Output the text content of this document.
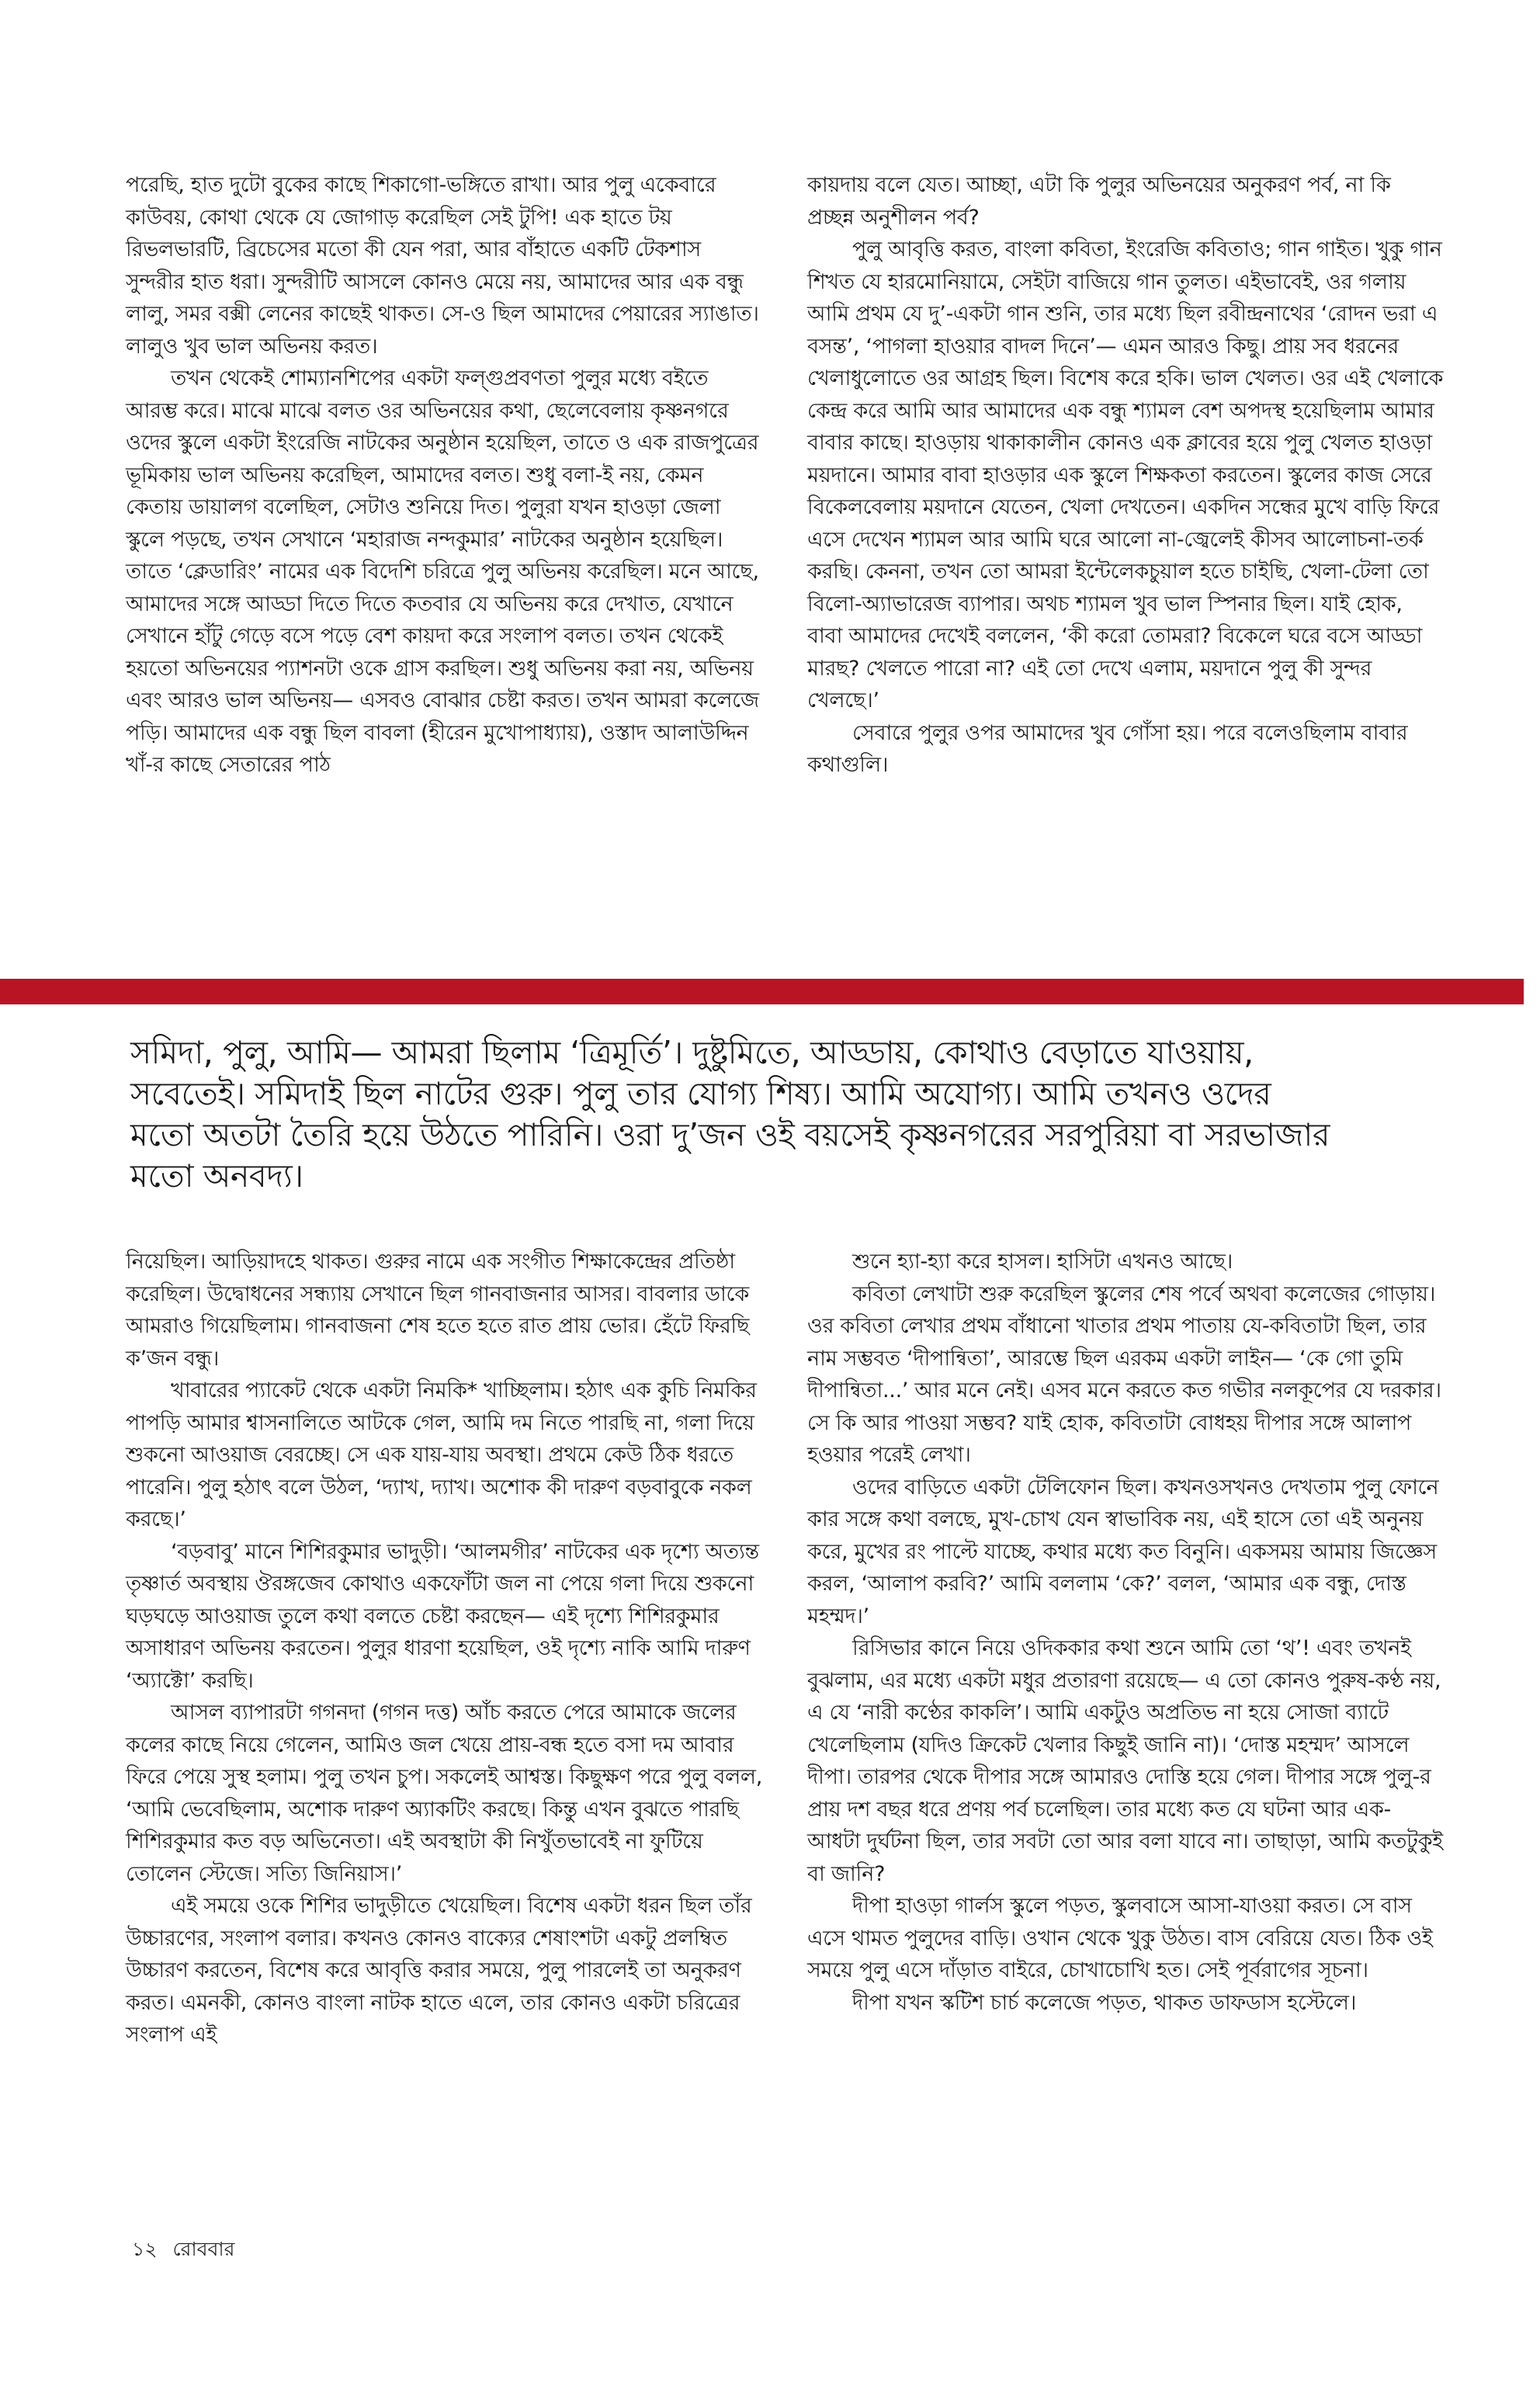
পরেছি, হাত দুটো বুকের কাছে শিকাগো-ভঙ্গিতে রাখা। আর পুলু একেবারে কাউবয়, কোথা থেকে যে জোগাড় করেছিল সেই টুপি! এক হাতে টয় রিভলভারটি, ব্রিচেসের মতো কী যেন পরা, আর বাঁহাতে একটি টেকশাস সুন্দরীর হাত ধরা। সুন্দরীটি আসলে কোনও মেয়ে নয়, আমাদের আর এক বন্ধু লালু, সমর বক্সী লেনের কাছেই থাকত। সে-ও ছিল আমাদের পেয়ারের স্যাঙাত। লালুও খুব ভাল অভিনয় করত।

তখন থেকেই শোম্যানশিপের একটা ফল্গুপ্রবণতা পুলুর মধ্যে বইতে আরম্ভ করে। মাঝে মাঝে বলত ওর অভিনয়ের কথা, ছেলেবেলায় কৃষ্ণনগরে ওদের স্কুলে একটা ইংরেজি নাটকের অনুষ্ঠান হয়েছিল, তাতে ও এক রাজপুত্রের ভূমিকায় ভাল অভিনয় করেছিল, আমাদের বলত। শুধু বলা-ই নয়, কেমন কেতায় ডায়ালগ বলেছিল, সেটাও শুনিয়ে দিত। পুলুরা যখন হাওড়া জেলা স্কুলে পড়ছে, তখন সেখানে ‘মহারাজ নন্দকুমার’ নাটকের অনুষ্ঠান হয়েছিল। তাতে ‘ক্লেডারিং’ নামের এক বিদেশি চরিত্রে পুলু অভিনয় করেছিল। মনে আছে, আমাদের সঙ্গে আড্ডা দিতে দিতে কতবার যে অভিনয় করে দেখাত, যেখানে সেখানে হাঁটু গেড়ে বসে পড়ে বেশ কায়দা করে সংলাপ বলত। তখন থেকেই হয়তো অভিনয়ের প্যাশনটা ওকে গ্রাস করছিল। শুধু অভিনয় করা নয়, অভিনয় এবং আরও ভাল অভিনয়— এসবও বোঝার চেষ্টা করত। তখন আমরা কলেজে পড়ি। আমাদের এক বন্ধু ছিল বাবলা (হীরেন মুখোপাধ্যায়), ওস্তাদ আলাউদ্দিন খাঁ-র কাছে সেতারের পাঠ

কায়দায় বলে যেত। আচ্ছা, এটা কি পুলুর অভিনয়ের অনুকরণ পর্ব, না কি প্রচ্ছন্ন অনুশীলন পর্ব?

পুলু আবৃত্তি করত, বাংলা কবিতা, ইংরেজি কবিতাও; গান গাইত। খুকু গান শিখত যে হারমোনিয়ামে, সেইটা বাজিয়ে গান তুলত। এইভাবেই, ওর গলায় আমি প্রথম যে দু’-একটা গান শুনি, তার মধ্যে ছিল রবীন্দ্রনাথের ‘রোদন ভরা এ বসন্ত’, ‘পাগলা হাওয়ার বাদল দিনে’— এমন আরও কিছু। প্রায় সব ধরনের খেলাধুলোতে ওর আগ্রহ ছিল। বিশেষ করে হকি। ভাল খেলত। ওর এই খেলাকে কেন্দ্র করে আমি আর আমাদের এক বন্ধু শ্যামল বেশ অপদস্থ হয়েছিলাম আমার বাবার কাছে। হাওড়ায় থাকাকালীন কোনও এক ক্লাবের হয়ে পুলু খেলত হাওড়া ময়দানে। আমার বাবা হাওড়ার এক স্কুলে শিক্ষকতা করতেন। স্কুলের কাজ সেরে বিকেলবেলায় ময়দানে যেতেন, খেলা দেখতেন। একদিন সন্ধের মুখে বাড়ি ফিরে এসে দেখেন শ্যামল আর আমি ঘরে আলো না-জ্বেলেই কীসব আলোচনা-তর্ক করছি। কেননা, তখন তো আমরা ইন্টেলেকচুয়াল হতে চাইছি, খেলা-টেলা তো বিলো-অ্যাভারেজ ব্যাপার। অথচ শ্যামল খুব ভাল স্পিনার ছিল। যাই হোক, বাবা আমাদের দেখেই বললেন, ‘কী করো তোমরা? বিকেলে ঘরে বসে আড্ডা মারছ? খেলতে পারো না? এই তো দেখে এলাম, ময়দানে পুলু কী সুন্দর খেলছে।’

সেবারে পুলুর ওপর আমাদের খুব গোঁসা হয়। পরে বলেওছিলাম বাবার কথাগুলি।

সমিদা, পুলু, আমি— আমরা ছিলাম ‘ত্রিমূর্তি’। দুষ্টুমিতে, আড্ডায়, কোথাও বেড়াতে যাওয়ায়, সবেতেই। সমিদাই ছিল নাটের গুরু। পুলু তার যোগ্য শিষ্য। আমি অযোগ্য। আমি তখনও ওদের মতো অতটা তৈরি হয়ে উঠতে পারিনি। ওরা দু’জন ওই বয়সেই কৃষ্ণনগরের সরপুরিয়া বা সরভাজার মতো অনবদ্য।

নিয়েছিল। আড়িয়াদহে থাকত। গুরুর নামে এক সংগীত শিক্ষাকেন্দ্রের প্রতিষ্ঠা করেছিল। উদ্বোধনের সন্ধ্যায় সেখানে ছিল গানবাজনার আসর। বাবলার ডাকে আমরাও গিয়েছিলাম। গানবাজনা শেষ হতে হতে রাত প্রায় ভোর। হেঁটে ফিরছি ক’জন বন্ধু।

খাবারের প্যাকেট থেকে একটা নিমকি* খাচ্ছিলাম। হঠাৎ এক কুচি নিমকির পাপড়ি আমার শ্বাসনালিতে আটকে গেল, আমি দম নিতে পারছি না, গলা দিয়ে শুকনো আওয়াজ বেরচ্ছে। সে এক যায়-যায় অবস্থা। প্রথমে কেউ ঠিক ধরতে পারেনি। পুলু হঠাৎ বলে উঠল, ‘দ্যাখ, দ্যাখ। অশোক কী দারুণ বড়বাবুকে নকল করছে।’

‘বড়বাবু’ মানে শিশিরকুমার ভাদুড়ী। ‘আলমগীর’ নাটকের এক দৃশ্যে অত্যন্ত তৃষ্ণার্ত অবস্থায় ঔরঙ্গজেব কোথাও একফোঁটা জল না পেয়ে গলা দিয়ে শুকনো ঘড়ঘড়ে আওয়াজ তুলে কথা বলতে চেষ্টা করছেন— এই দৃশ্যে শিশিরকুমার অসাধারণ অভিনয় করতেন। পুলুর ধারণা হয়েছিল, ওই দৃশ্যে নাকি আমি দারুণ ‘অ্যাক্টো’ করছি।

আসল ব্যাপারটা গগনদা (গগন দত্ত) আঁচ করতে পেরে আমাকে জলের কলের কাছে নিয়ে গেলেন, আমিও জল খেয়ে প্রায়-বন্ধ হতে বসা দম আবার ফিরে পেয়ে সুস্থ হলাম। পুলু তখন চুপ। সকলেই আশ্বস্ত। কিছুক্ষণ পরে পুলু বলল, ‘আমি ভেবেছিলাম, অশোক দারুণ অ্যাকটিং করছে। কিন্তু এখন বুঝতে পারছি শিশিরকুমার কত বড় অভিনেতা। এই অবস্থাটা কী নিখুঁতভাবেই না ফুটিয়ে তোলেন স্টেজে। সত্যি জিনিয়াস।’

এই সময়ে ওকে শিশির ভাদুড়ীতে খেয়েছিল। বিশেষ একটা ধরন ছিল তাঁর উচ্চারণের, সংলাপ বলার। কখনও কোনও বাক্যের শেষাংশটা একটু প্রলম্বিত উচ্চারণ করতেন, বিশেষ করে আবৃত্তি করার সময়ে, পুলু পারলেই তা অনুকরণ করত। এমনকী, কোনও বাংলা নাটক হাতে এলে, তার কোনও একটা চরিত্রের সংলাপ এই

শুনে হ্যা-হ্যা করে হাসল। হাসিটা এখনও আছে।

কবিতা লেখাটা শুরু করেছিল স্কুলের শেষ পর্বে অথবা কলেজের গোড়ায়। ওর কবিতা লেখার প্রথম বাঁধানো খাতার প্রথম পাতায় যে-কবিতাটা ছিল, তার নাম সম্ভবত ‘দীপান্বিতা’, আরম্ভে ছিল এরকম একটা লাইন— ‘কে গো তুমি দীপান্বিতা...’ আর মনে নেই। এসব মনে করতে কত গভীর নলকূপের যে দরকার। সে কি আর পাওয়া সম্ভব? যাই হোক, কবিতাটা বোধহয় দীপার সঙ্গে আলাপ হওয়ার পরেই লেখা।

ওদের বাড়িতে একটা টেলিফোন ছিল। কখনওসখনও দেখতাম পুলু ফোনে কার সঙ্গে কথা বলছে, মুখ-চোখ যেন স্বাভাবিক নয়, এই হাসে তো এই অনুনয় করে, মুখের রং পাল্টে যাচ্ছে, কথার মধ্যে কত বিনুনি। একসময় আমায় জিজ্ঞেস করল, ‘আলাপ করবি?’ আমি বললাম ‘কে?’ বলল, ‘আমার এক বন্ধু, দোস্ত মহম্মদ।’

রিসিভার কানে নিয়ে ওদিককার কথা শুনে আমি তো ‘থ’! এবং তখনই বুঝলাম, এর মধ্যে একটা মধুর প্রতারণা রয়েছে— এ তো কোনও পুরুষ-কণ্ঠ নয়, এ যে ‘নারী কণ্ঠের কাকলি’। আমি একটুও অপ্রতিভ না হয়ে সোজা ব্যাটে খেলেছিলাম (যদিও ক্রিকেট খেলার কিছুই জানি না)। ‘দোস্ত মহম্মদ’ আসলে দীপা। তারপর থেকে দীপার সঙ্গে আমারও দোস্তি হয়ে গেল। দীপার সঙ্গে পুলু-র প্রায় দশ বছর ধরে প্রণয় পর্ব চলেছিল। তার মধ্যে কত যে ঘটনা আর এক-আধটা দুর্ঘটনা ছিল, তার সবটা তো আর বলা যাবে না। তাছাড়া, আমি কতটুকুই বা জানি?

দীপা হাওড়া গার্লস স্কুলে পড়ত, স্কুলবাসে আসা-যাওয়া করত। সে বাস এসে থামত পুলুদের বাড়ি। ওখান থেকে খুকু উঠত। বাস বেরিয়ে যেত। ঠিক ওই সময়ে পুলু এসে দাঁড়াত বাইরে, চোখাচোখি হত। সেই পূর্বরাগের সূচনা।

দীপা যখন স্কটিশ চার্চ কলেজে পড়ত, থাকত ডাফডাস হস্টেলে।

১২ রোববার
